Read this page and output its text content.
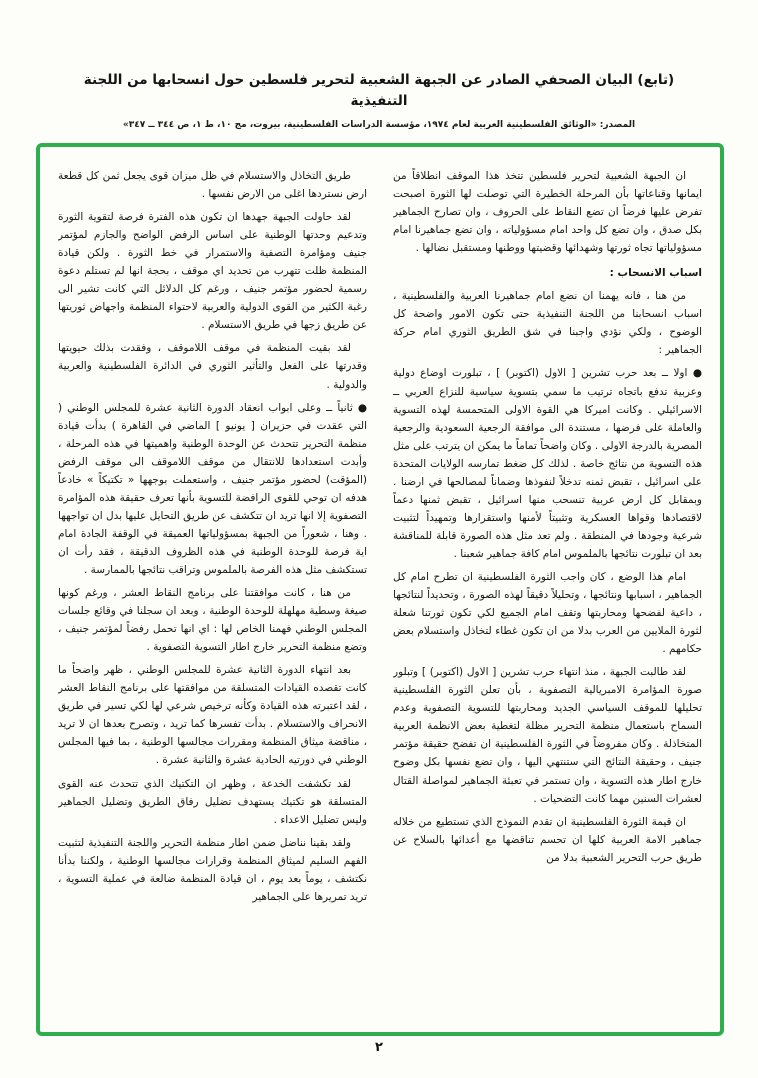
(تابع) البيان الصحفي الصادر عن الجبهة الشعبية لتحرير فلسطين حول انسحابها من اللجنة التنفيذية
المصدر: «الوثائق الفلسطينية العربية لعام ١٩٧٤، مؤسسة الدراسات الفلسطينية، بيروت، مج ١٠، ط ١، ص ٣٤٤ ــ ٣٤٧»

ان الجبهة الشعبية لتحرير فلسطين تتخذ هذا الموقف انطلاقاً من ايمانها وقناعاتها بأن المرحلة الخطيرة التي توصلت لها الثورة اصبحت تفرض عليها فرضاً ان تضع النقاط على الحروف ، وان تصارح الجماهير بكل صدق ، وان تضع كل واحد امام مسؤولياته ، وان تضع جماهيرنا امام مسؤولياتها تجاه ثورتها وشهدائها وقضيتها ووطنها ومستقبل نضالها .

اسباب الانسحاب :

من هنا ، فانه يهمنا ان نضع امام جماهيرنا العربية والفلسطينية ، اسباب انسحابنا من اللجنة التنفيذية حتى تكون الامور واضحة كل الوضوح ، ولكي نؤدي واجبنا في شق الطريق الثوري امام حركة الجماهير :

● اولا ــ بعد حرب تشرين [ الاول (اكتوبر) ] ، تبلورت اوضاع دولية وعربية تدفع باتجاه ترتيب ما سمي بتسوية سياسية للنزاع العربي ــ الاسرائيلي . وكانت اميركا هي القوة الاولى المتحمسة لهذه التسوية والعاملة على فرضها ، مستندة الى موافقة الرجعية السعودية والرجعية المصرية بالدرجة الاولى . وكان واضحاً تماماً ما يمكن ان يترتب على مثل هذه التسوية من نتائج خاصة . لذلك كل ضغط تمارسه الولايات المتحدة على اسرائيل ، تقبض ثمنه تدخلاً لنفوذها وضماناً لمصالحها في ارضنا . وبمقابل كل ارض عربية تنسحب منها اسرائيل ، تقبض ثمنها دعماً لاقتصادها وقواها العسكرية وتثبيتاً لأمنها واستقرارها وتمهيداً لتثبيت شرعية وجودها في المنطقة . ولم تعد مثل هذه الصورة قابلة للمناقشة بعد ان تبلورت نتائجها بالملموس امام كافة جماهير شعبنا .

امام هذا الوضع ، كان واجب الثورة الفلسطينية ان تطرح امام كل الجماهير ، اسبابها ونتائجها ، وتحليلاً دقيقاً لهذه الصورة ، وتحديداً لنتائجها ، داعية لفضحها ومحاربتها وتقف امام الجميع لكي تكون ثورتنا شعلة لثورة الملايين من العرب بدلا من ان تكون غطاء لتخاذل واستسلام بعض حكامهم .

لقد طالبت الجبهة ، منذ انتهاء حرب تشرين [ الاول (اكتوبر) ] وتبلور صورة المؤامرة الامبريالية التصفوية ، بأن تعلن الثورة الفلسطينية تحليلها للموقف السياسي الجديد ومحاربتها للتسوية التصفوية وعدم السماح باستعمال منظمة التحرير مظلة لتغطية بعض الانظمة العربية المتخاذلة . وكان مفروضاً في الثورة الفلسطينية ان تفضح حقيقة مؤتمر جنيف ، وحقيقة النتائج التي ستنتهي اليها ، وان تضع نفسها بكل وضوح خارج اطار هذه التسوية ، وان تستمر في تعبئة الجماهير لمواصلة القتال لعشرات السنين مهما كانت التضحيات .

ان قيمة الثورة الفلسطينية ان تقدم النموذج الذي تستطيع من خلاله جماهير الامة العربية كلها ان تحسم تناقضها مع أعدائها بالسلاح عن طريق حرب التحرير الشعبية بدلا من

طريق التخاذل والاستسلام في ظل ميزان قوى يجعل ثمن كل قطعة ارض نستردها اغلى من الارض نفسها .

لقد حاولت الجبهة جهدها ان تكون هذه الفترة فرصة لتقوية الثورة وتدعيم وحدتها الوطنية على اساس الرفض الواضح والجازم لمؤتمر جنيف ومؤامرة التصفية والاستمرار في خط الثورة . ولكن قيادة المنظمة ظلت تتهرب من تحديد اي موقف ، بحجة انها لم تستلم دعوة رسمية لحضور مؤتمر جنيف ، ورغم كل الدلائل التي كانت تشير الى رغبة الكثير من القوى الدولية والعربية لاحتواء المنظمة واجهاض ثوريتها عن طريق زجها في طريق الاستسلام .

لقد بقيت المنظمة في موقف اللاموقف ، وفقدت بذلك حيويتها وقدرتها على الفعل والتأثير الثوري في الدائرة الفلسطينية والعربية والدولية .

● ثانياً ــ وعلى ابواب انعقاد الدورة الثانية عشرة للمجلس الوطني ( التي عقدت في حزيران [ يونيو ] الماضي في القاهرة ) بدأت قيادة منظمة التحرير تتحدث عن الوحدة الوطنية واهميتها في هذه المرحلة ، وأبدت استعدادها للانتقال من موقف اللاموقف الى موقف الرفض (المؤقت) لحضور مؤتمر جنيف ، واستعملت بوجهها « تكتيكاً » خادعاً هدفه ان توحي للقوى الرافضة للتسوية بأنها تعرف حقيقة هذه المؤامرة التصفوية إلا انها تريد ان تتكشف عن طريق التحايل عليها بدل ان تواجهها . وهنا ، شعوراً من الجبهة بمسؤولياتها العميقة في الوقفة الجادة امام اية فرصة للوحدة الوطنية في هذه الظروف الدقيقة ، فقد رأت ان تستكشف مثل هذه الفرصة بالملموس وتراقب نتائجها بالممارسة .

من هنا ، كانت موافقتنا على برنامج النقاط العشر ، ورغم كونها صيغة وسطية مهلهلة للوحدة الوطنية ، وبعد ان سجلنا في وقائع جلسات المجلس الوطني فهمنا الخاص لها : اي انها تحمل رفضاً لمؤتمر جنيف ، وتضع منظمة التحرير خارج اطار التسوية التصفوية .

بعد انتهاء الدورة الثانية عشرة للمجلس الوطني ، ظهر واضحاً ما كانت تقصده القيادات المتسلقة من موافقتها على برنامج النقاط العشر ، لقد اعتبرته هذه القيادة وكأنه ترخيص شرعي لها لكي تسير في طريق الانحراف والاستسلام . بدأت تفسرها كما تريد ، وتصرح بعدها ان لا تريد ، مناقضة ميثاق المنظمة ومقررات مجالسها الوطنية ، بما فيها المجلس الوطني في دورتيه الحادية عشرة والثانية عشرة .

لقد تكشفت الخدعة ، وظهر ان التكتيك الذي تتحدث عنه القوى المتسلقة هو تكتيك يستهدف تضليل رفاق الطريق وتضليل الجماهير وليس تضليل الاعداء .

ولقد بقينا نناضل ضمن اطار منظمة التحرير واللجنة التنفيذية لتثبيت الفهم السليم لميثاق المنظمة وقرارات مجالسها الوطنية ، ولكننا بدأنا نكتشف ، يوماً بعد يوم ، ان قيادة المنظمة ضالعة في عملية التسوية ، تريد تمريرها على الجماهير

٢
